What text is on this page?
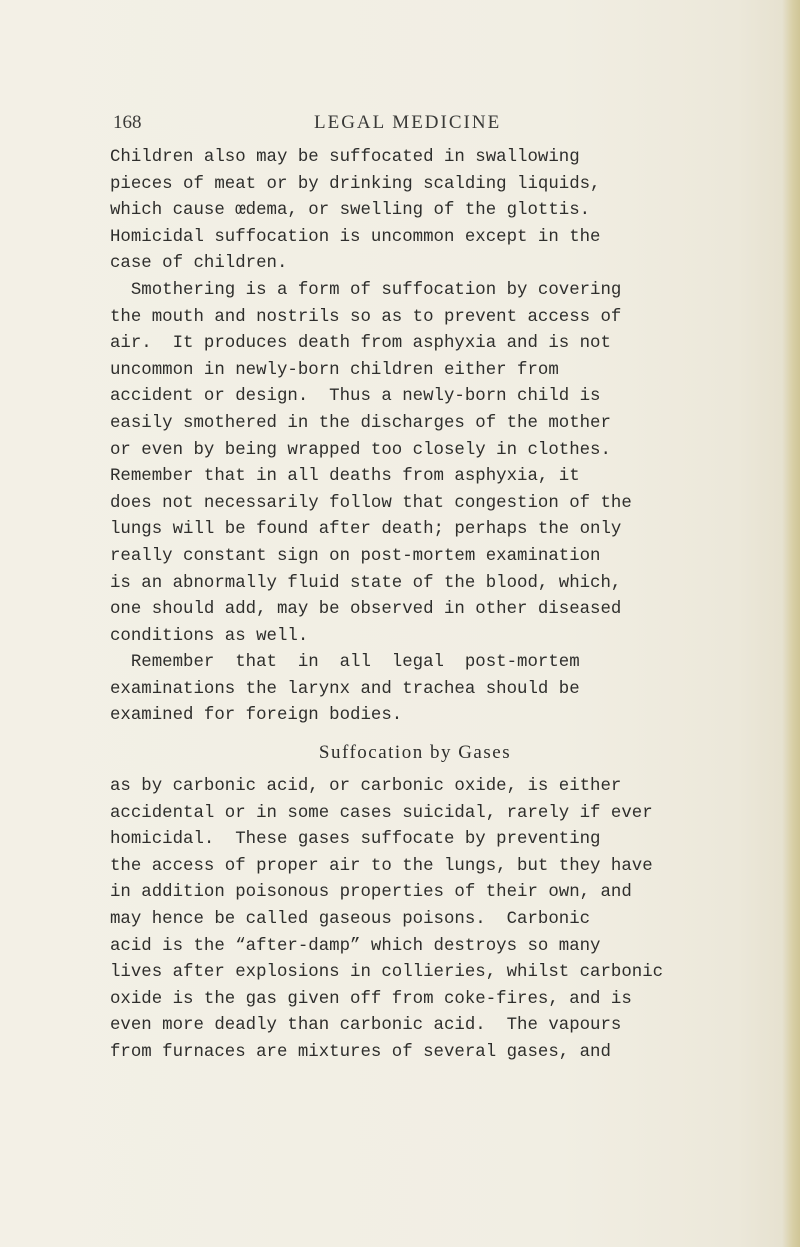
168	LEGAL MEDICINE
Children also may be suffocated in swallowing
pieces of meat or by drinking scalding liquids,
which cause œdema, or swelling of the glottis.
Homicidal suffocation is uncommon except in the
case of children.
Smothering is a form of suffocation by covering
the mouth and nostrils so as to prevent access of
air.  It produces death from asphyxia and is not
uncommon in newly-born children either from
accident or design.  Thus a newly-born child is
easily smothered in the discharges of the mother
or even by being wrapped too closely in clothes.
Remember that in all deaths from asphyxia, it
does not necessarily follow that congestion of the
lungs will be found after death; perhaps the only
really constant sign on post-mortem examination
is an abnormally fluid state of the blood, which,
one should add, may be observed in other diseased
conditions as well.
Remember  that  in  all  legal  post-mortem
examinations the larynx and trachea should be
examined for foreign bodies.
Suffocation by Gases
as by carbonic acid, or carbonic oxide, is either
accidental or in some cases suicidal, rarely if ever
homicidal.  These gases suffocate by preventing
the access of proper air to the lungs, but they have
in addition poisonous properties of their own, and
may hence be called gaseous poisons.  Carbonic
acid is the “after-damp” which destroys so many
lives after explosions in collieries, whilst carbonic
oxide is the gas given off from coke-fires, and is
even more deadly than carbonic acid.  The vapours
from furnaces are mixtures of several gases, and
